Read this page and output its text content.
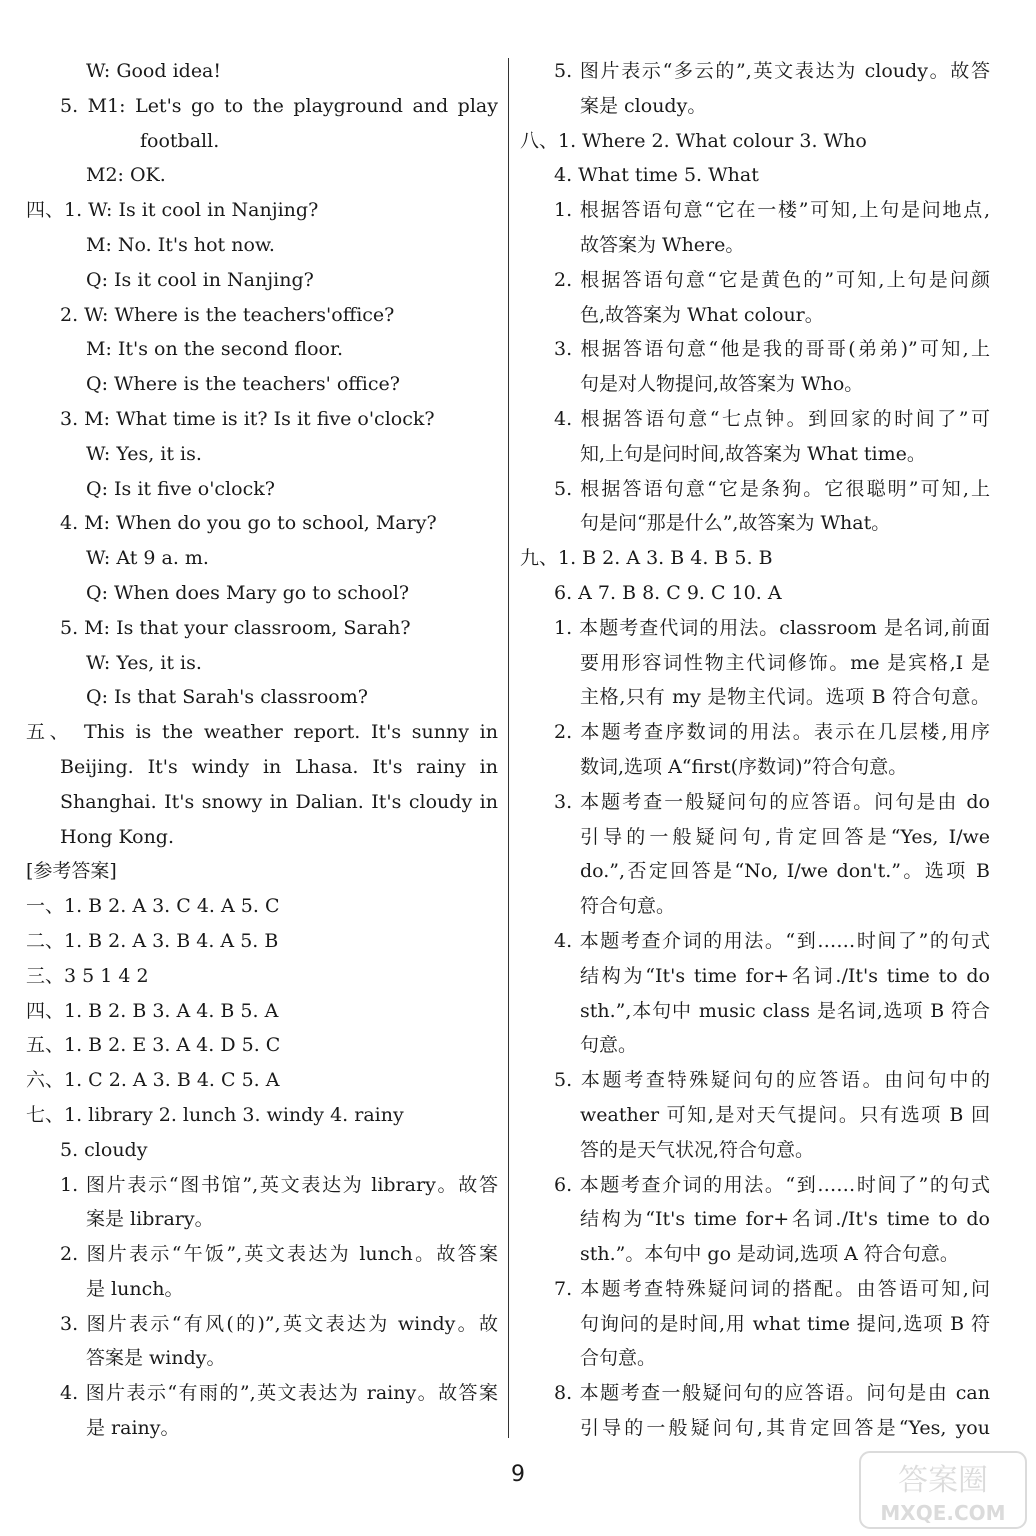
W: Good idea!
5. M1: Let's go to the playground and play
football.
M2: OK.
四、1. W: Is it cool in Nanjing?
M: No. It's hot now.
Q: Is it cool in Nanjing?
2. W: Where is the teachers'office?
M: It's on the second floor.
Q: Where is the teachers' office?
3. M: What time is it? Is it five o'clock?
W: Yes, it is.
Q: Is it five o'clock?
4. M: When do you go to school, Mary?
W: At 9 a. m.
Q: When does Mary go to school?
5. M: Is that your classroom, Sarah?
W: Yes, it is.
Q: Is that Sarah's classroom?
五、 This is the weather report. It's sunny in
Beijing. It's windy in Lhasa. It's rainy in
Shanghai. It's snowy in Dalian. It's cloudy in
Hong Kong.
[参考答案]
一、1. B 2. A 3. C 4. A 5. C
二、1. B 2. A 3. B 4. A 5. B
三、3 5 1 4 2
四、1. B 2. B 3. A 4. B 5. A
五、1. B 2. E 3. A 4. D 5. C
六、1. C 2. A 3. B 4. C 5. A
七、1. library 2. lunch 3. windy 4. rainy
5. cloudy
1. 图片表示“图书馆”,英文表达为 library。故答
案是 library。
2. 图片表示“午饭”,英文表达为 lunch。故答案
是 lunch。
3. 图片表示“有风(的)”,英文表达为 windy。故
答案是 windy。
4. 图片表示“有雨的”,英文表达为 rainy。故答案
是 rainy。
5. 图片表示“多云的”,英文表达为 cloudy。故答
案是 cloudy。
八、1. Where 2. What colour 3. Who
4. What time 5. What
1. 根据答语句意“它在一楼”可知,上句是问地点,
故答案为 Where。
2. 根据答语句意“它是黄色的”可知,上句是问颜
色,故答案为 What colour。
3. 根据答语句意“他是我的哥哥(弟弟)”可知,上
句是对人物提问,故答案为 Who。
4. 根据答语句意“七点钟。到回家的时间了”可
知,上句是问时间,故答案为 What time。
5. 根据答语句意“它是条狗。它很聪明”可知,上
句是问“那是什么”,故答案为 What。
九、1. B 2. A 3. B 4. B 5. B
6. A 7. B 8. C 9. C 10. A
1. 本题考查代词的用法。classroom 是名词,前面
要用形容词性物主代词修饰。me 是宾格,I 是
主格,只有 my 是物主代词。选项 B 符合句意。
2. 本题考查序数词的用法。表示在几层楼,用序
数词,选项 A“first(序数词)”符合句意。
3. 本题考查一般疑问句的应答语。问句是由 do
引导的一般疑问句,肯定回答是“Yes, I/we
do.”,否定回答是“No, I/we don't.”。选项 B
符合句意。
4. 本题考查介词的用法。“到……时间了”的句式
结构为“It's time for+名词./It's time to do
sth.”,本句中 music class 是名词,选项 B 符合
句意。
5. 本题考查特殊疑问句的应答语。由问句中的
weather 可知,是对天气提问。只有选项 B 回
答的是天气状况,符合句意。
6. 本题考查介词的用法。“到……时间了”的句式
结构为“It's time for+名词./It's time to do
sth.”。本句中 go 是动词,选项 A 符合句意。
7. 本题考查特殊疑问词的搭配。由答语可知,问
句询问的是时间,用 what time 提问,选项 B 符
合句意。
8. 本题考查一般疑问句的应答语。问句是由 can
引导的一般疑问句,其肯定回答是“Yes, you
9	答案圈
MXQE.COM
